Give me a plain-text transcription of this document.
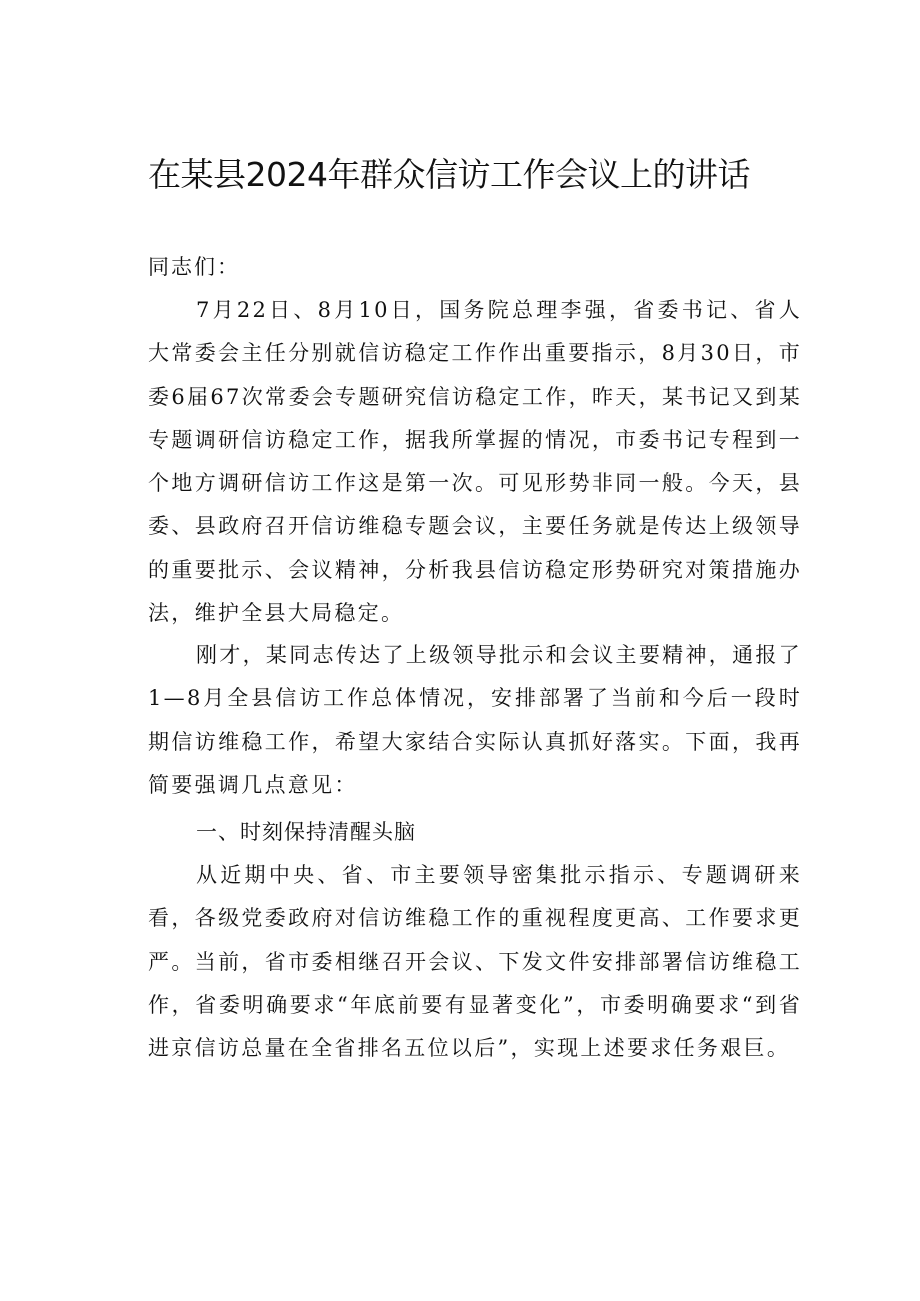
在某县2024年群众信访工作会议上的讲话

同志们：

7月22日、8月10日，国务院总理李强，省委书记、省人大常委会主任分别就信访稳定工作作出重要指示，8月30日，市委6届67次常委会专题研究信访稳定工作，昨天，某书记又到某专题调研信访稳定工作，据我所掌握的情况，市委书记专程到一个地方调研信访工作这是第一次。可见形势非同一般。今天，县委、县政府召开信访维稳专题会议，主要任务就是传达上级领导的重要批示、会议精神，分析我县信访稳定形势研究对策措施办法，维护全县大局稳定。

刚才，某同志传达了上级领导批示和会议主要精神，通报了1—8月全县信访工作总体情况，安排部署了当前和今后一段时期信访维稳工作，希望大家结合实际认真抓好落实。下面，我再简要强调几点意见：

一、时刻保持清醒头脑

从近期中央、省、市主要领导密集批示指示、专题调研来看，各级党委政府对信访维稳工作的重视程度更高、工作要求更严。当前，省市委相继召开会议、下发文件安排部署信访维稳工作，省委明确要求“年底前要有显著变化”，市委明确要求“到省进京信访总量在全省排名五位以后”，实现上述要求任务艰巨。
